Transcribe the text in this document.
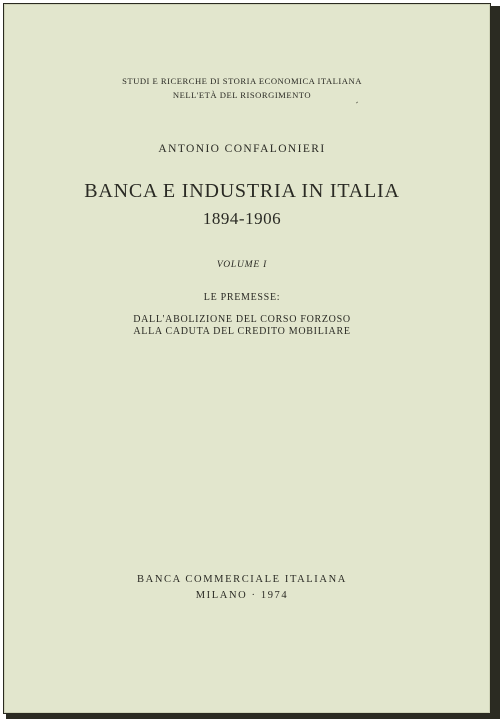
STUDI E RICERCHE DI STORIA ECONOMICA ITALIANA
NELL'ETÀ DEL RISORGIMENTO
ANTONIO CONFALONIERI
BANCA E INDUSTRIA IN ITALIA
1894-1906
VOLUME I
LE PREMESSE:
DALL'ABOLIZIONE DEL CORSO FORZOSO
ALLA CADUTA DEL CREDITO MOBILIARE
BANCA COMMERCIALE ITALIANA
MILANO · 1974
